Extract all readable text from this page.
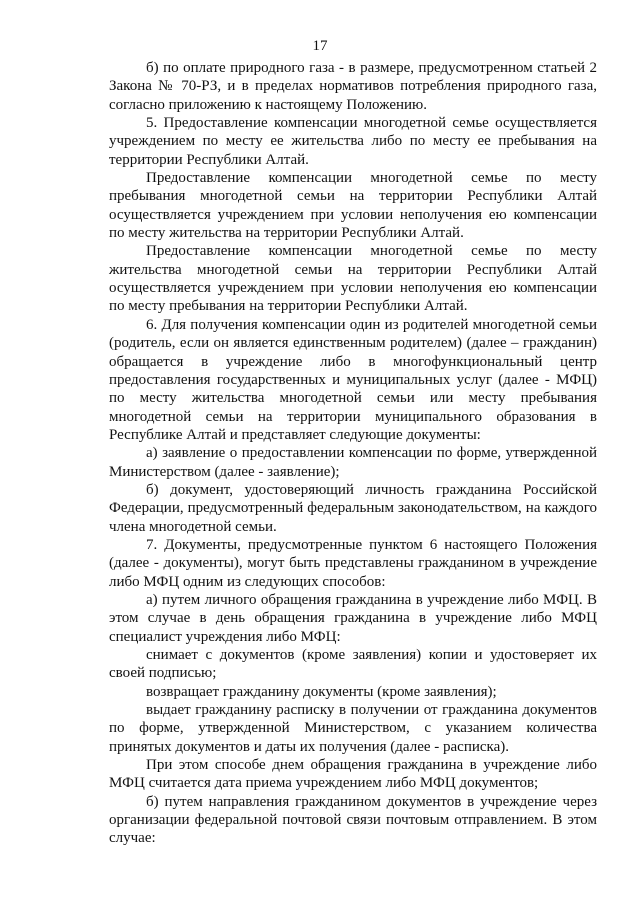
17

б) по оплате природного газа - в размере, предусмотренном статьей 2 Закона № 70-РЗ, и в пределах нормативов потребления природного газа, согласно приложению к настоящему Положению.

5. Предоставление компенсации многодетной семье осуществляется учреждением по месту ее жительства либо по месту ее пребывания на территории Республики Алтай.

Предоставление компенсации многодетной семье по месту пребывания многодетной семьи на территории Республики Алтай осуществляется учреждением при условии неполучения ею компенсации по месту жительства на территории Республики Алтай.

Предоставление компенсации многодетной семье по месту жительства многодетной семьи на территории Республики Алтай осуществляется учреждением при условии неполучения ею компенсации по месту пребывания на территории Республики Алтай.

6. Для получения компенсации один из родителей многодетной семьи (родитель, если он является единственным родителем) (далее – гражданин) обращается в учреждение либо в многофункциональный центр предоставления государственных и муниципальных услуг (далее - МФЦ) по месту жительства многодетной семьи или месту пребывания многодетной семьи на территории муниципального образования в Республике Алтай и представляет следующие документы:

а) заявление о предоставлении компенсации по форме, утвержденной Министерством (далее - заявление);

б) документ, удостоверяющий личность гражданина Российской Федерации, предусмотренный федеральным законодательством, на каждого члена многодетной семьи.

7. Документы, предусмотренные пунктом 6 настоящего Положения (далее - документы), могут быть представлены гражданином в учреждение либо МФЦ одним из следующих способов:

а) путем личного обращения гражданина в учреждение либо МФЦ. В этом случае в день обращения гражданина в учреждение либо МФЦ специалист учреждения либо МФЦ:

снимает с документов (кроме заявления) копии и удостоверяет их своей подписью;

возвращает гражданину документы (кроме заявления);

выдает гражданину расписку в получении от гражданина документов по форме, утвержденной Министерством, с указанием количества принятых документов и даты их получения (далее - расписка).

При этом способе днем обращения гражданина в учреждение либо МФЦ считается дата приема учреждением либо МФЦ документов;

б) путем направления гражданином документов в учреждение через организации федеральной почтовой связи почтовым отправлением. В этом случае:
